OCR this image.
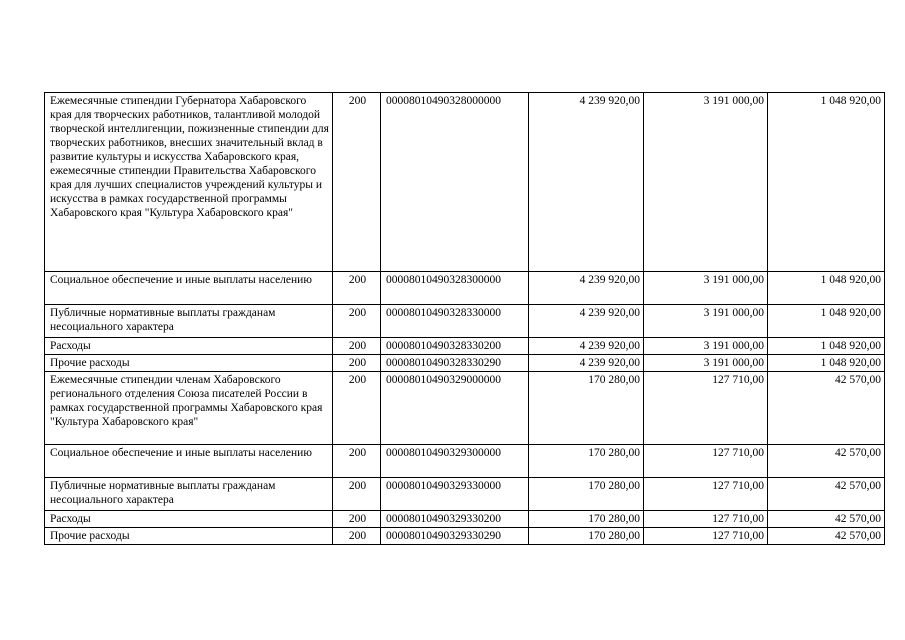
Ежемесячные стипендии Губернатора Хабаровского края для творческих работников, талантливой молодой творческой интеллигенции, пожизненные стипендии для творческих работников, внесших значительный вклад в развитие культуры и искусства Хабаровского края, ежемесячные стипендии Правительства Хабаровского края для лучших специалистов учреждений культуры и искусства в рамках государственной программы Хабаровского края "Культура Хабаровского края"	200	00008010490328000000	4 239 920,00	3 191 000,00	1 048 920,00
Социальное обеспечение и иные выплаты населению	200	00008010490328300000	4 239 920,00	3 191 000,00	1 048 920,00
Публичные нормативные выплаты гражданам несоциального характера	200	00008010490328330000	4 239 920,00	3 191 000,00	1 048 920,00
Расходы	200	00008010490328330200	4 239 920,00	3 191 000,00	1 048 920,00
Прочие расходы	200	00008010490328330290	4 239 920,00	3 191 000,00	1 048 920,00
Ежемесячные стипендии членам Хабаровского регионального отделения Союза писателей России в рамках государственной программы Хабаровского края "Культура Хабаровского края"	200	00008010490329000000	170 280,00	127 710,00	42 570,00
Социальное обеспечение и иные выплаты населению	200	00008010490329300000	170 280,00	127 710,00	42 570,00
Публичные нормативные выплаты гражданам несоциального характера	200	00008010490329330000	170 280,00	127 710,00	42 570,00
Расходы	200	00008010490329330200	170 280,00	127 710,00	42 570,00
Прочие расходы	200	00008010490329330290	170 280,00	127 710,00	42 570,00
